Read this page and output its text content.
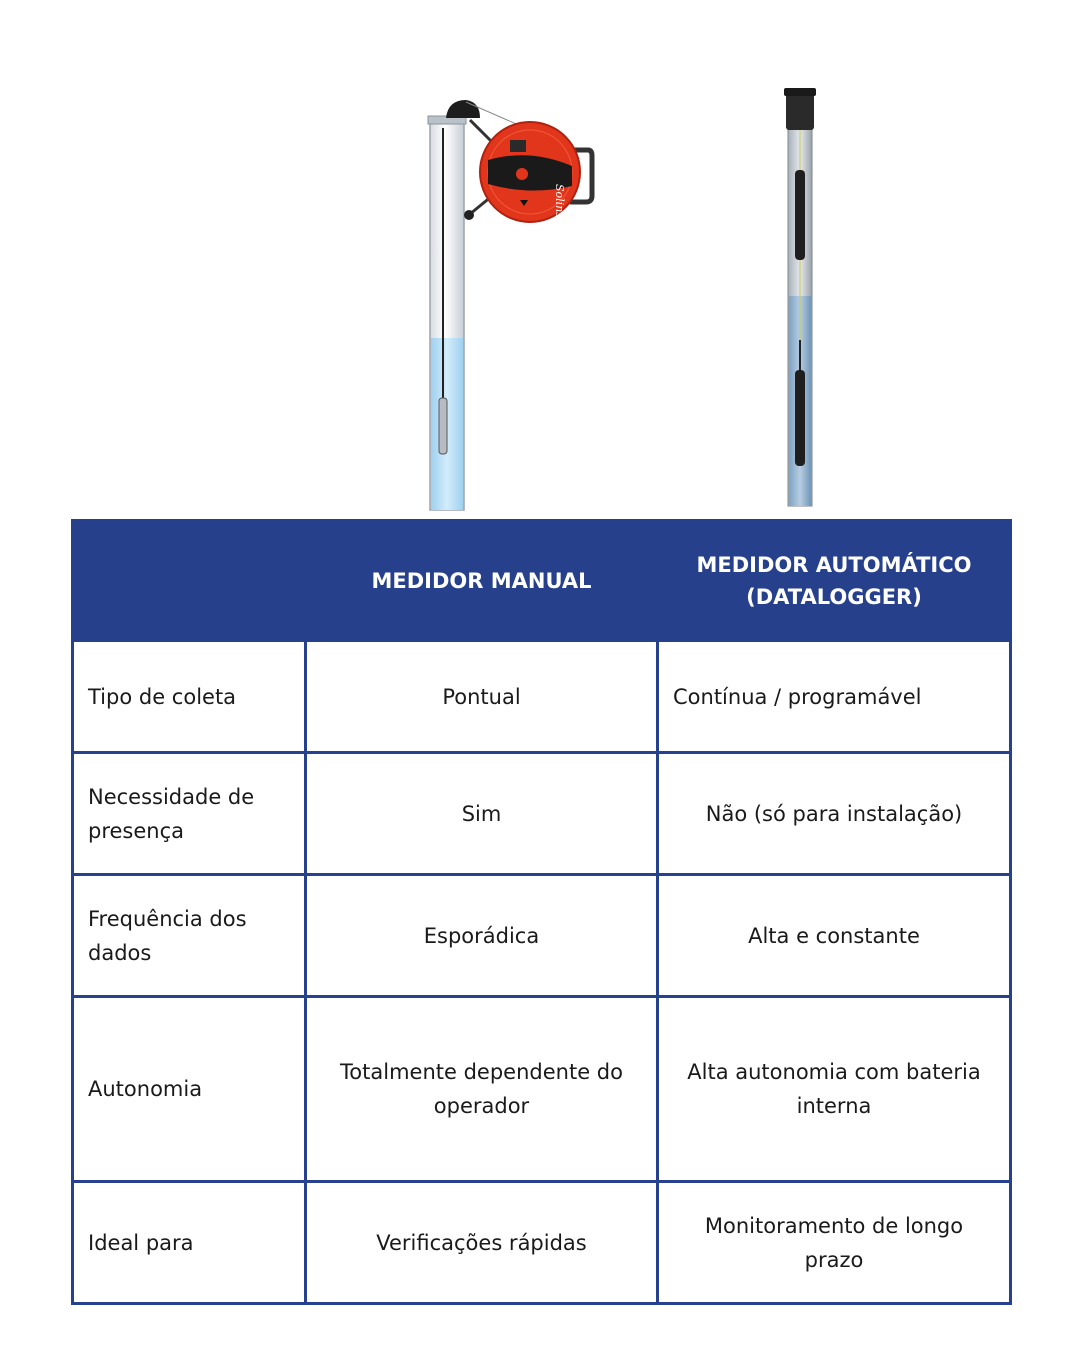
Solinst
	MEDIDOR MANUAL	MEDIDOR AUTOMÁTICO (DATALOGGER)
Tipo de coleta	Pontual	Contínua / programável
Necessidade de presença	Sim	Não (só para instalação)
Frequência dos dados	Esporádica	Alta e constante
Autonomia	Totalmente dependente do operador	Alta autonomia com bateria interna
Ideal para	Verificações rápidas	Monitoramento de longo prazo
